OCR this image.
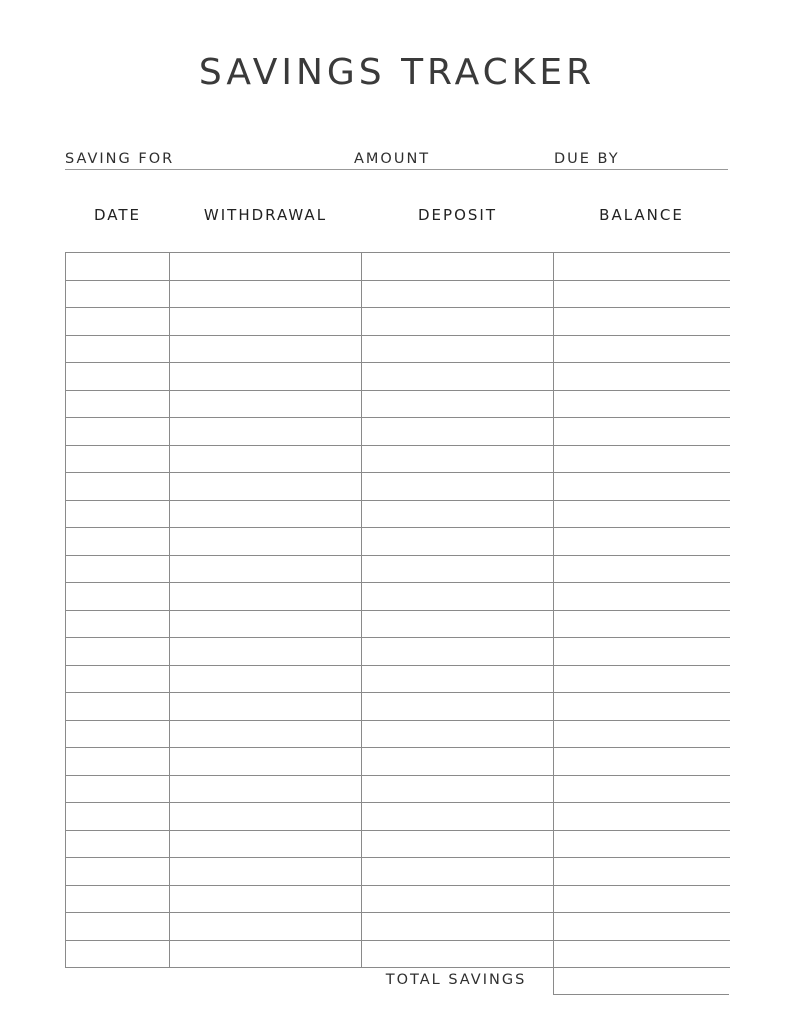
SAVINGS TRACKER
SAVING FOR	AMOUNT	DUE BY
DATE	WITHDRAWAL	DEPOSIT	BALANCE

TOTAL SAVINGS
